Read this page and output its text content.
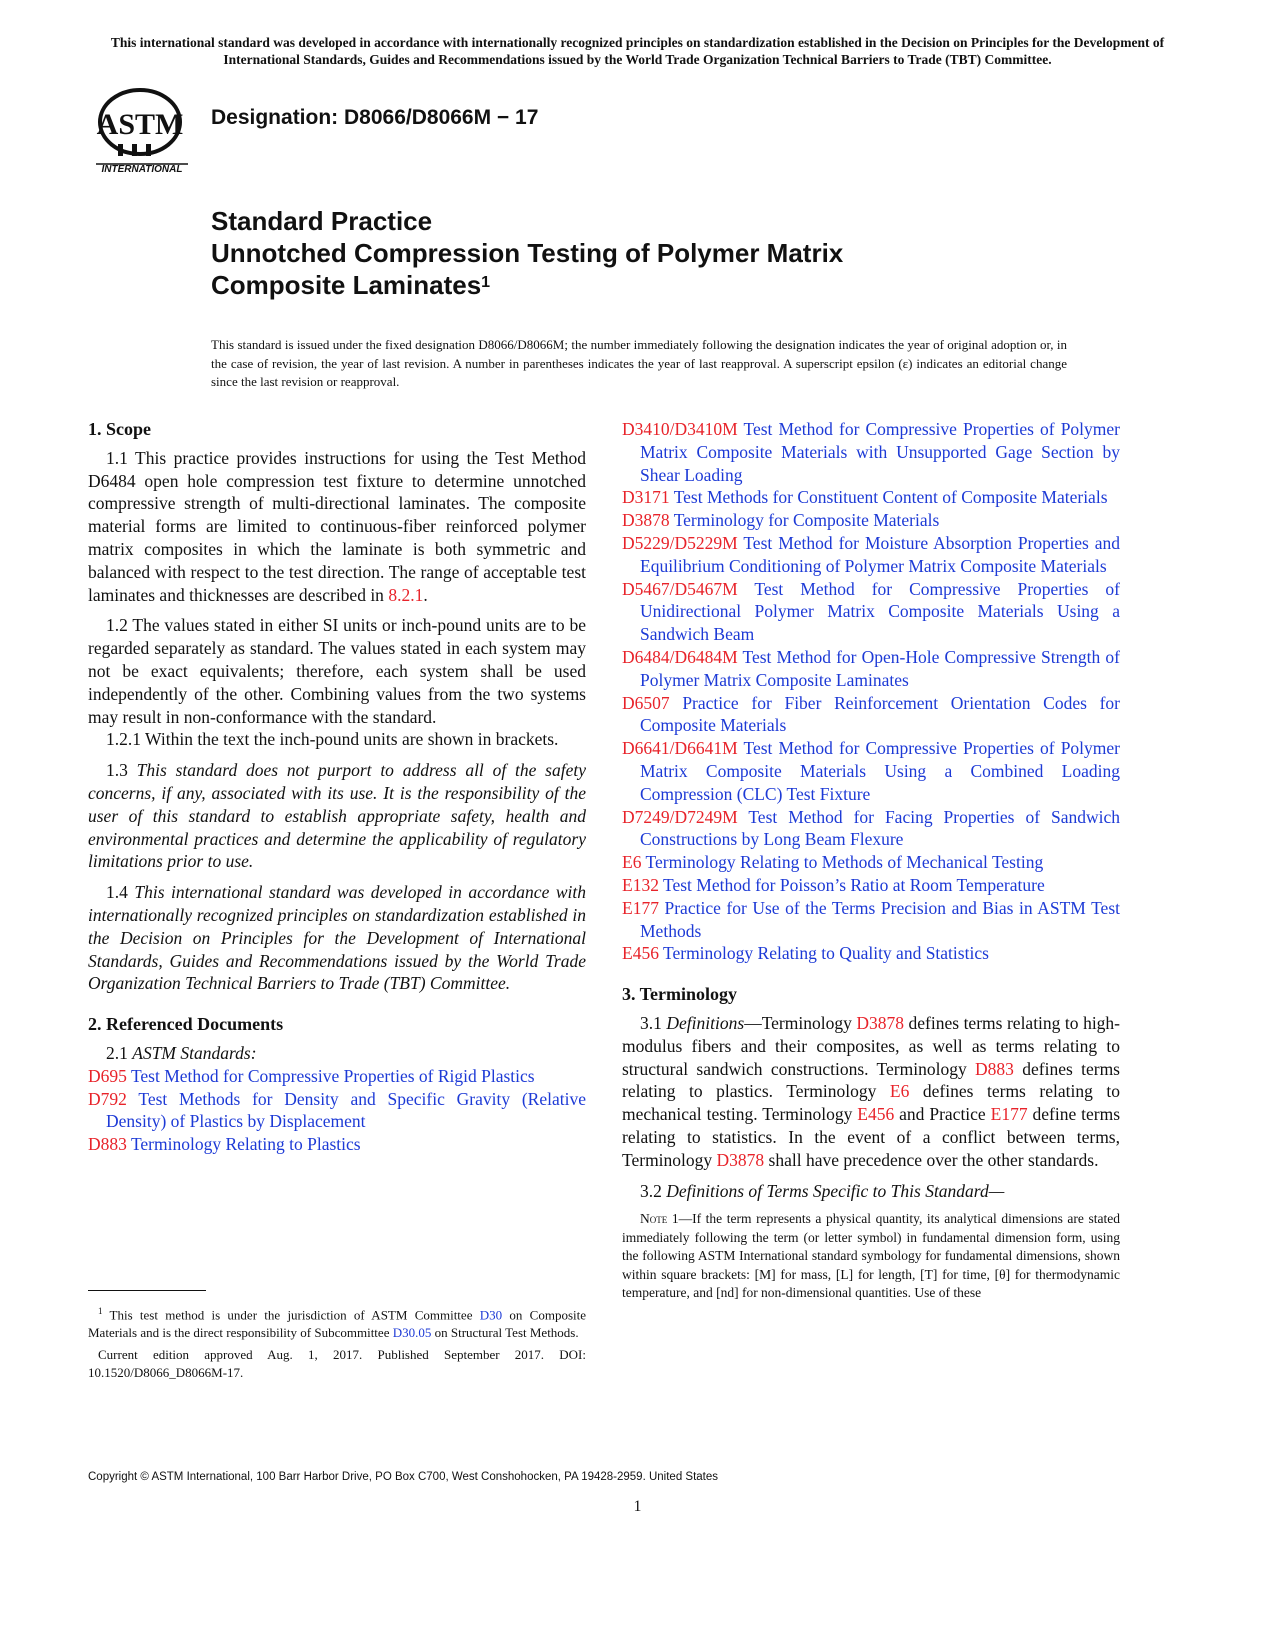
This international standard was developed in accordance with internationally recognized principles on standardization established in the Decision on Principles for the Development of International Standards, Guides and Recommendations issued by the World Trade Organization Technical Barriers to Trade (TBT) Committee.
ASTM
INTERNATIONAL
Designation: D8066/D8066M − 17
Standard Practice
Unnotched Compression Testing of Polymer Matrix
Composite Laminates$^1$
This standard is issued under the fixed designation D8066/D8066M; the number immediately following the designation indicates the year of original adoption or, in the case of revision, the year of last revision. A number in parentheses indicates the year of last reapproval. A superscript epsilon (ε) indicates an editorial change since the last revision or reapproval.
1. Scope

1.1 This practice provides instructions for using the Test Method D6484 open hole compression test fixture to determine unnotched compressive strength of multi-directional laminates. The composite material forms are limited to continuous-fiber reinforced polymer matrix composites in which the laminate is both symmetric and balanced with respect to the test direction. The range of acceptable test laminates and thicknesses are described in 8.2.1.

1.2 The values stated in either SI units or inch-pound units are to be regarded separately as standard. The values stated in each system may not be exact equivalents; therefore, each system shall be used independently of the other. Combining values from the two systems may result in non-conformance with the standard.

1.2.1 Within the text the inch-pound units are shown in brackets.

1.3 This standard does not purport to address all of the safety concerns, if any, associated with its use. It is the responsibility of the user of this standard to establish appropriate safety, health and environmental practices and determine the applicability of regulatory limitations prior to use.

1.4 This international standard was developed in accordance with internationally recognized principles on standardization established in the Decision on Principles for the Development of International Standards, Guides and Recommendations issued by the World Trade Organization Technical Barriers to Trade (TBT) Committee.

2. Referenced Documents

2.1 ASTM Standards:

D695 Test Method for Compressive Properties of Rigid Plastics

D792 Test Methods for Density and Specific Gravity (Relative Density) of Plastics by Displacement

D883 Terminology Relating to Plastics

D3410/D3410M Test Method for Compressive Properties of Polymer Matrix Composite Materials with Unsupported Gage Section by Shear Loading

D3171 Test Methods for Constituent Content of Composite Materials

D3878 Terminology for Composite Materials

D5229/D5229M Test Method for Moisture Absorption Properties and Equilibrium Conditioning of Polymer Matrix Composite Materials

D5467/D5467M Test Method for Compressive Properties of Unidirectional Polymer Matrix Composite Materials Using a Sandwich Beam

D6484/D6484M Test Method for Open-Hole Compressive Strength of Polymer Matrix Composite Laminates

D6507 Practice for Fiber Reinforcement Orientation Codes for Composite Materials

D6641/D6641M Test Method for Compressive Properties of Polymer Matrix Composite Materials Using a Combined Loading Compression (CLC) Test Fixture

D7249/D7249M Test Method for Facing Properties of Sandwich Constructions by Long Beam Flexure

E6 Terminology Relating to Methods of Mechanical Testing

E132 Test Method for Poisson’s Ratio at Room Temperature

E177 Practice for Use of the Terms Precision and Bias in ASTM Test Methods

E456 Terminology Relating to Quality and Statistics

3. Terminology

3.1 Definitions—Terminology D3878 defines terms relating to high-modulus fibers and their composites, as well as terms relating to structural sandwich constructions. Terminology D883 defines terms relating to plastics. Terminology E6 defines terms relating to mechanical testing. Terminology E456 and Practice E177 define terms relating to statistics. In the event of a conflict between terms, Terminology D3878 shall have precedence over the other standards.

3.2 Definitions of Terms Specific to This Standard—

Note 1—If the term represents a physical quantity, its analytical dimensions are stated immediately following the term (or letter symbol) in fundamental dimension form, using the following ASTM International standard symbology for fundamental dimensions, shown within square brackets: [M] for mass, [L] for length, [T] for time, [θ] for thermodynamic temperature, and [nd] for non-dimensional quantities. Use of these

$^1$ This test method is under the jurisdiction of ASTM Committee D30 on Composite Materials and is the direct responsibility of Subcommittee D30.05 on Structural Test Methods.

Current edition approved Aug. 1, 2017. Published September 2017. DOI: 10.1520/D8066_D8066M-17.

Copyright © ASTM International, 100 Barr Harbor Drive, PO Box C700, West Conshohocken, PA 19428-2959. United States
1
